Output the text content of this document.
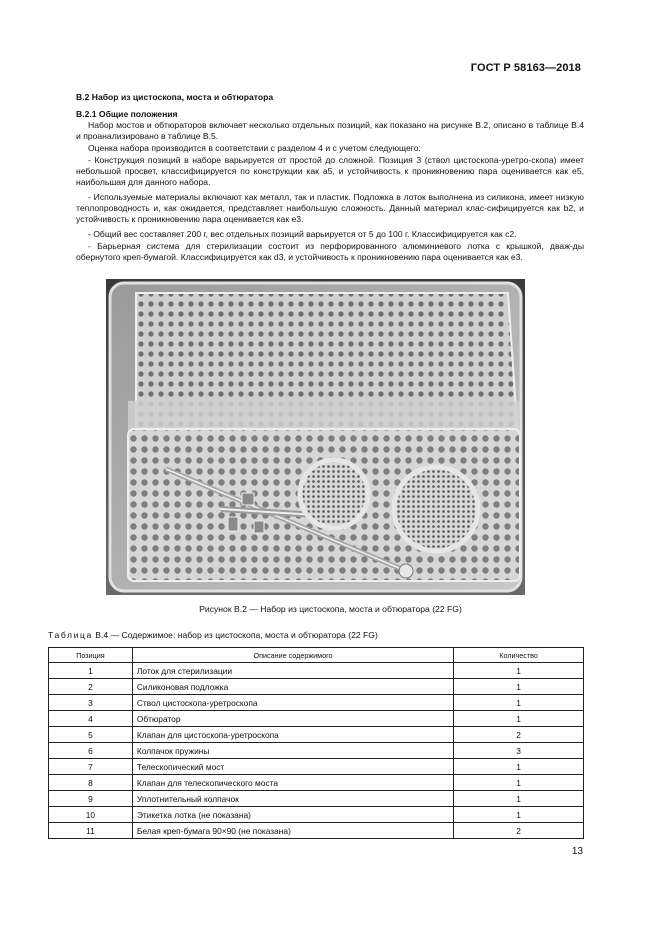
ГОСТ Р 58163—2018
В.2 Набор из цистоскопа, моста и обтюратора
В.2.1 Общие положения
Набор мостов и обтюраторов включает несколько отдельных позиций, как показано на рисунке В.2, описано в таблице В.4 и проанализировано в таблице В.5.
Оценка набора производится в соответствии с разделом 4 и с учетом следующего:
- Конструкция позиций в наборе варьируется от простой до сложной. Позиция 3 (ствол цистоскопа-уретро-скопа) имеет небольшой просвет, классифицируется по конструкции как а5, и устойчивость к проникновению пара оценивается как е5, наибольшая для данного набора.
- Используемые материалы включают как металл, так и пластик. Подложка в лоток выполнена из силикона, имеет низкую теплопроводность и, как ожидается, представляет наибольшую сложность. Данный материал клас-сифицируется как b2, и устойчивость к проникновению пара оценивается как е3.
- Общий вес составляет 200 г, вес отдельных позиций варьируется от 5 до 100 г. Классифицируется как с2.
- Барьерная система для стерилизации состоит из перфорированного алюминиевого лотка с крышкой, дваж-ды обернутого креп-бумагой. Классифицируется как d3, и устойчивость к проникновению пара оценивается как е3.
Рисунок В.2 — Набор из цистоскопа, моста и обтюратора (22 FG)
Таблица В.4 — Содержимое: набор из цистоскопа, моста и обтюратора (22 FG)
Позиция	Описание содержимого	Количество
1	Лоток для стерилизации	1
2	Силиконовая подложка	1
3	Ствол цистоскопа-уретроскопа	1
4	Обтюратор	1
5	Клапан для цистоскопа-уретроскопа	2
6	Колпачок пружины	3
7	Телескопический мост	1
8	Клапан для телескопического моста	1
9	Уплотнительный колпачок	1
10	Этикетка лотка (не показана)	1
11	Белая креп-бумага 90×90 (не показана)	2
13
